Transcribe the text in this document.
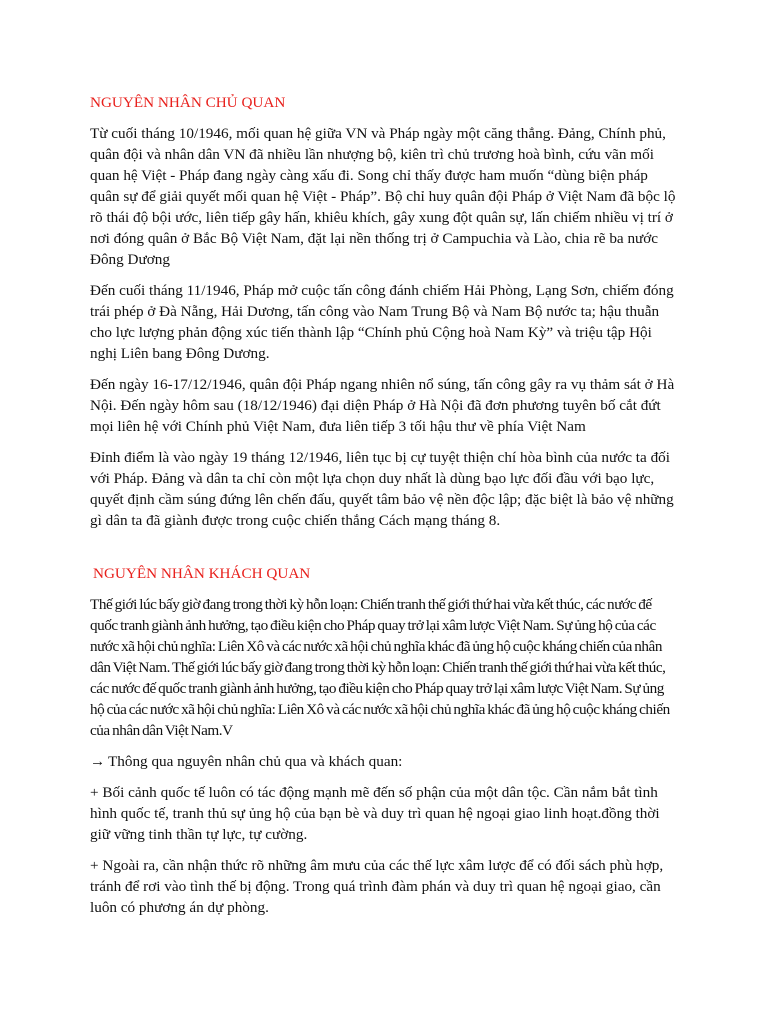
NGUYÊN NHÂN CHỦ QUAN

Từ cuối tháng 10/1946, mối quan hệ giữa VN và Pháp ngày một căng thẳng. Đảng, Chính phủ, quân đội và nhân dân VN đã nhiều lần nhượng bộ, kiên trì chủ trương hoà bình, cứu vãn mối quan hệ Việt - Pháp đang ngày càng xấu đi. Song chỉ thấy được ham muốn “dùng biện pháp quân sự để giải quyết mối quan hệ Việt - Pháp”. Bộ chỉ huy quân đội Pháp ở Việt Nam đã bộc lộ rõ thái độ bội ước, liên tiếp gây hấn, khiêu khích, gây xung đột quân sự, lấn chiếm nhiều vị trí ở nơi đóng quân ở Bắc Bộ Việt Nam, đặt lại nền thống trị ở Campuchia và Lào, chia rẽ ba nước Đông Dương

Đến cuối tháng 11/1946, Pháp mở cuộc tấn công đánh chiếm Hải Phòng, Lạng Sơn, chiếm đóng trái phép ở Đà Nẵng, Hải Dương, tấn công vào Nam Trung Bộ và Nam Bộ nước ta; hậu thuẫn cho lực lượng phản động xúc tiến thành lập “Chính phủ Cộng hoà Nam Kỳ” và triệu tập Hội nghị Liên bang Đông Dương.

Đến ngày 16-17/12/1946, quân đội Pháp ngang nhiên nổ súng, tấn công gây ra vụ thảm sát ở Hà Nội. Đến ngày hôm sau (18/12/1946) đại diện Pháp ở Hà Nội đã đơn phương tuyên bố cắt đứt mọi liên hệ với Chính phủ Việt Nam, đưa liên tiếp 3 tối hậu thư về phía Việt Nam

Đỉnh điểm là vào ngày 19 tháng 12/1946, liên tục bị cự tuyệt thiện chí hòa bình của nước ta đối với Pháp. Đảng và dân ta chỉ còn một lựa chọn duy nhất là dùng bạo lực đối đầu với bạo lực, quyết định cầm súng đứng lên chến đấu, quyết tâm bảo vệ nền độc lập; đặc biệt là bảo vệ những gì dân ta đã giành được trong cuộc chiến thắng Cách mạng tháng 8.

NGUYÊN NHÂN KHÁCH QUAN

Thế giới lúc bấy giờ đang trong thời kỳ hỗn loạn: Chiến tranh thế giới thứ hai vừa kết thúc, các nước đế quốc tranh giành ảnh hưởng, tạo điều kiện cho Pháp quay trở lại xâm lược Việt Nam. Sự ủng hộ của các nước xã hội chủ nghĩa: Liên Xô và các nước xã hội chủ nghĩa khác đã ủng hộ cuộc kháng chiến của nhân dân Việt Nam. Thế giới lúc bấy giờ đang trong thời kỳ hỗn loạn: Chiến tranh thế giới thứ hai vừa kết thúc, các nước đế quốc tranh giành ảnh hưởng, tạo điều kiện cho Pháp quay trở lại xâm lược Việt Nam. Sự ủng hộ của các nước xã hội chủ nghĩa: Liên Xô và các nước xã hội chủ nghĩa khác đã ủng hộ cuộc kháng chiến của nhân dân Việt Nam.V

→ Thông qua nguyên nhân chủ qua và khách quan:

+ Bối cảnh quốc tế luôn có tác động mạnh mẽ đến số phận của một dân tộc. Cần nắm bắt tình hình quốc tế, tranh thủ sự ủng hộ của bạn bè và duy trì quan hệ ngoại giao linh hoạt.đồng thời giữ vững tinh thần tự lực, tự cường.

+ Ngoài ra, cần nhận thức rõ những âm mưu của các thế lực xâm lược để có đối sách phù hợp, tránh để rơi vào tình thế bị động. Trong quá trình đàm phán và duy trì quan hệ ngoại giao, cần luôn có phương án dự phòng.
